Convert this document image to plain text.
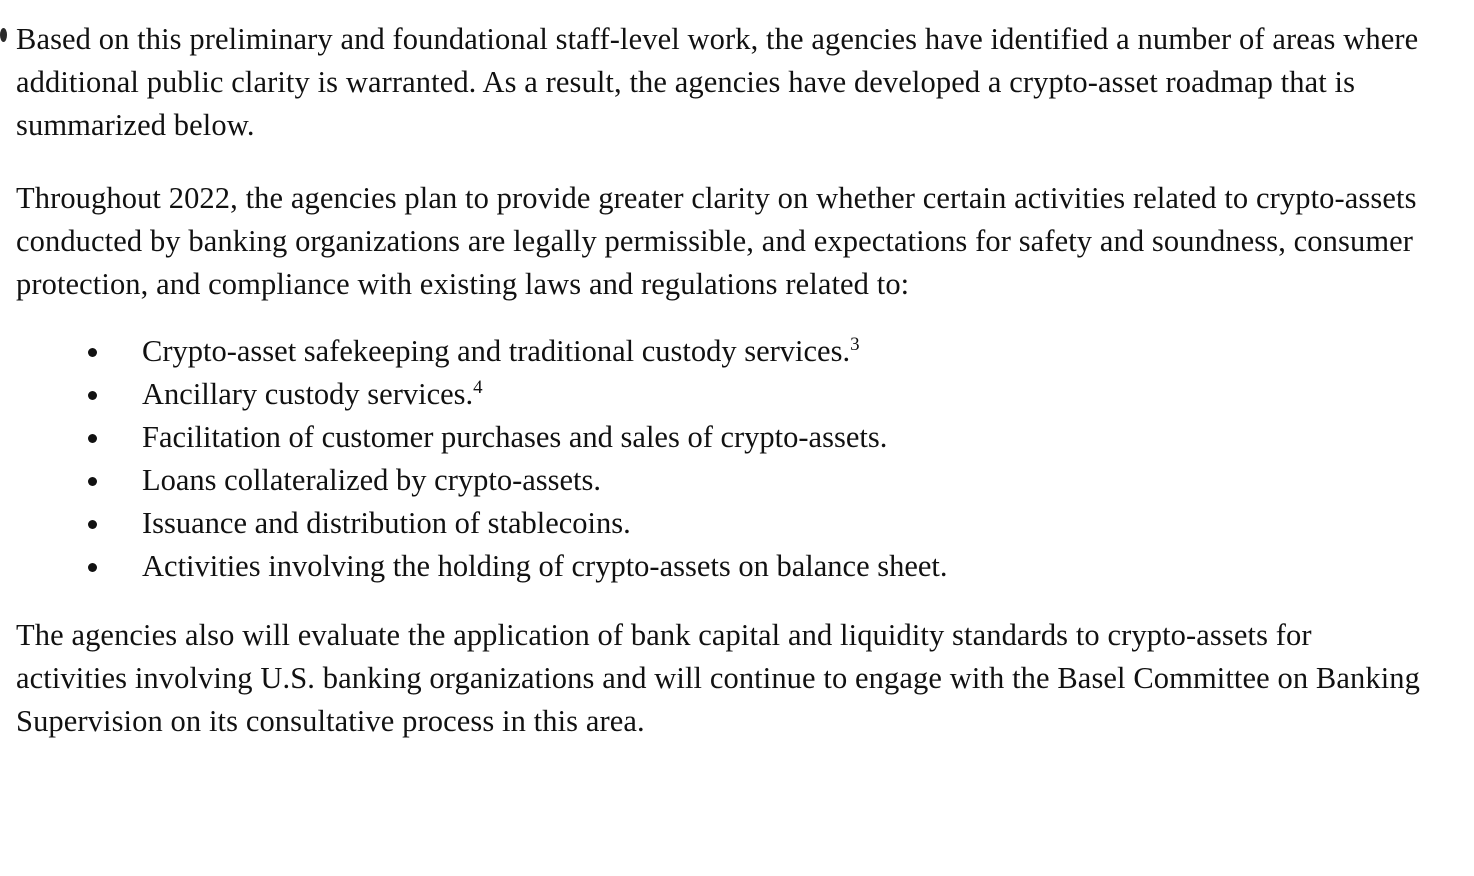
Based on this preliminary and foundational staff-level work, the agencies have identified a number of areas where additional public clarity is warranted. As a result, the agencies have developed a crypto-asset roadmap that is summarized below.

Throughout 2022, the agencies plan to provide greater clarity on whether certain activities related to crypto-assets conducted by banking organizations are legally permissible, and expectations for safety and soundness, consumer protection, and compliance with existing laws and regulations related to:

Crypto-asset safekeeping and traditional custody services.$^3$
Ancillary custody services.$^4$
Facilitation of customer purchases and sales of crypto-assets.
Loans collateralized by crypto-assets.
Issuance and distribution of stablecoins.
Activities involving the holding of crypto-assets on balance sheet.

The agencies also will evaluate the application of bank capital and liquidity standards to crypto-assets for activities involving U.S. banking organizations and will continue to engage with the Basel Committee on Banking Supervision on its consultative process in this area.
